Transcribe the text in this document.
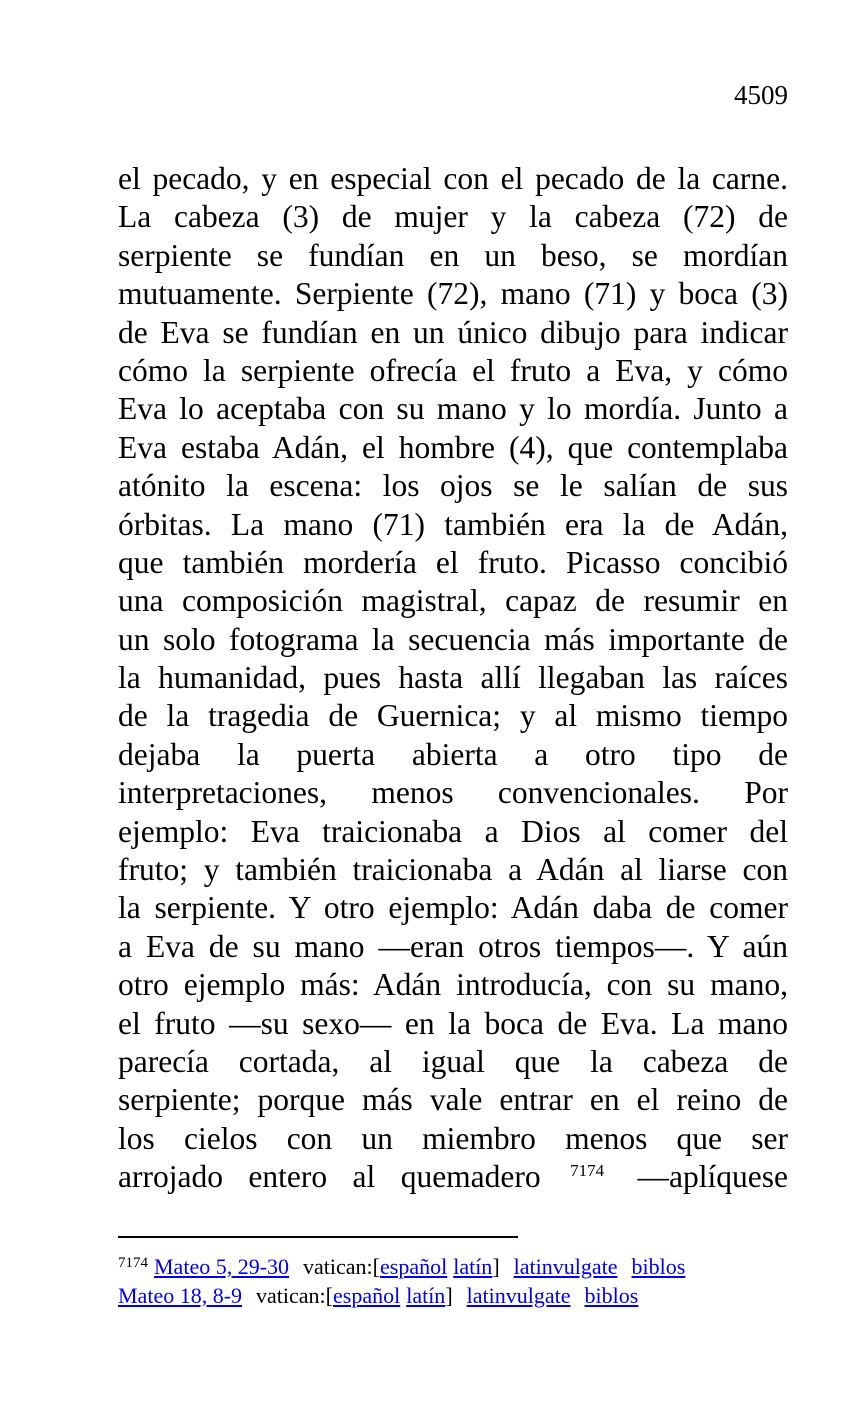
4509
el pecado, y en especial con el pecado de la carne.
La cabeza (3) de mujer y la cabeza (72) de
serpiente se fundían en un beso, se mordían
mutuamente. Serpiente (72), mano (71) y boca (3)
de Eva se fundían en un único dibujo para indicar
cómo la serpiente ofrecía el fruto a Eva, y cómo
Eva lo aceptaba con su mano y lo mordía. Junto a
Eva estaba Adán, el hombre (4), que contemplaba
atónito la escena: los ojos se le salían de sus
órbitas. La mano (71) también era la de Adán,
que también mordería el fruto. Picasso concibió
una composición magistral, capaz de resumir en
un solo fotograma la secuencia más importante de
la humanidad, pues hasta allí llegaban las raíces
de la tragedia de Guernica; y al mismo tiempo
dejaba la puerta abierta a otro tipo de
interpretaciones, menos convencionales. Por
ejemplo: Eva traicionaba a Dios al comer del
fruto; y también traicionaba a Adán al liarse con
la serpiente. Y otro ejemplo: Adán daba de comer
a Eva de su mano —eran otros tiempos—. Y aún
otro ejemplo más: Adán introducía, con su mano,
el fruto —su sexo— en la boca de Eva. La mano
parecía cortada, al igual que la cabeza de
serpiente; porque más vale entrar en el reino de
los cielos con un miembro menos que ser
arrojado entero al quemadero $^{7174}$ —aplíquese
$^{7174}$ Mateo 5, 29-30 vatican:[español latín] latinvulgate biblos
Mateo 18, 8-9 vatican:[español latín] latinvulgate biblos
